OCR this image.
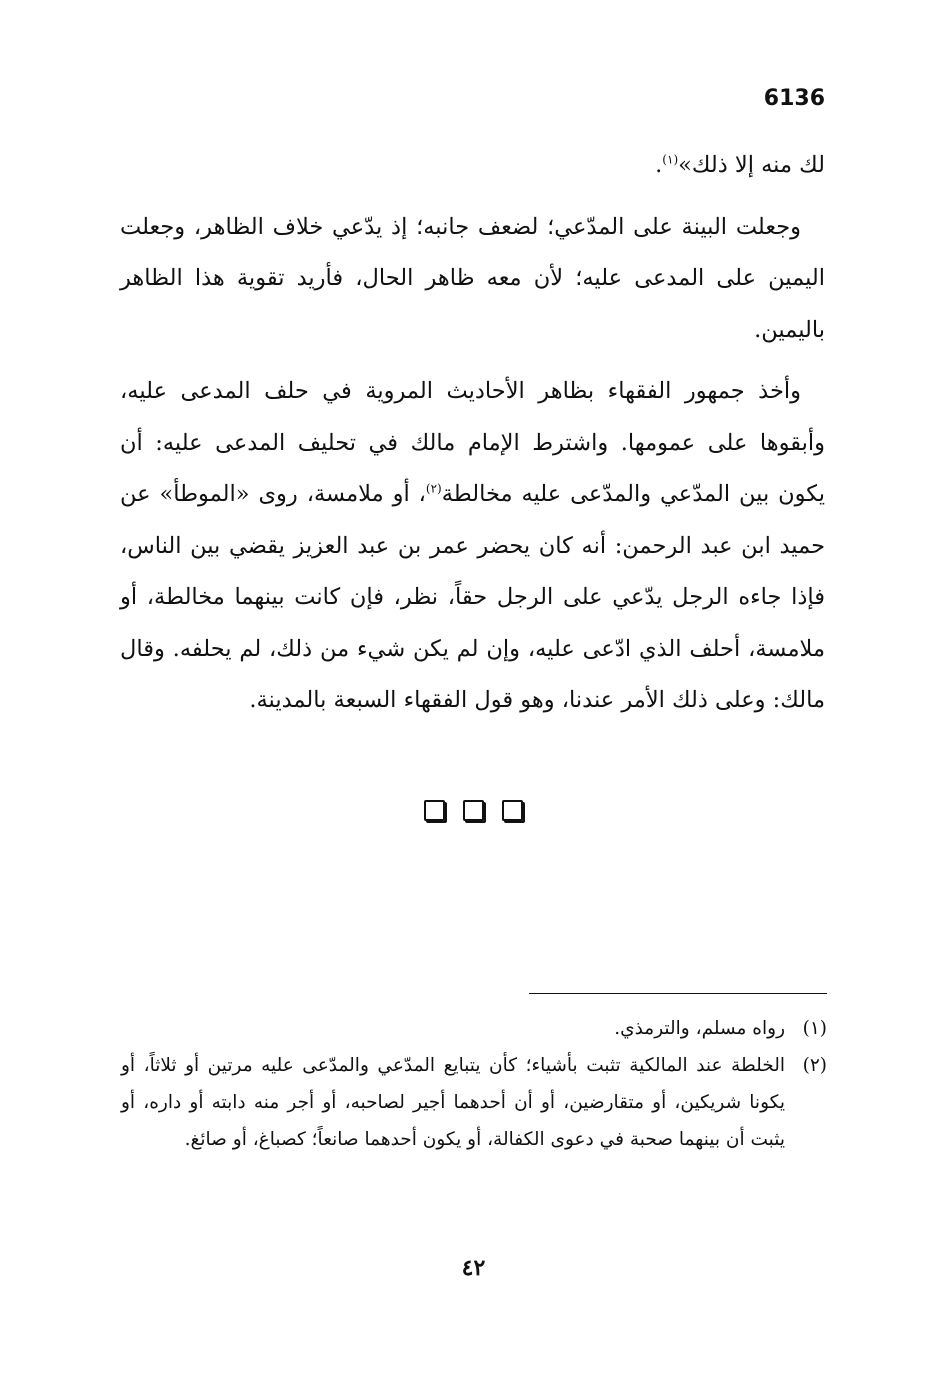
6136

لك منه إلا ذلك»$^{(١)}$.

وجعلت البينة على المدّعي؛ لضعف جانبه؛ إذ يدّعي خلاف الظاهر، وجعلت اليمين على المدعى عليه؛ لأن معه ظاهر الحال، فأريد تقوية هذا الظاهر باليمين.

وأخذ جمهور الفقهاء بظاهر الأحاديث المروية في حلف المدعى عليه، وأبقوها على عمومها. واشترط الإمام مالك في تحليف المدعى عليه: أن يكون بين المدّعي والمدّعى عليه مخالطة$^{(٢)}$، أو ملامسة، روى «الموطأ» عن حميد ابن عبد الرحمن: أنه كان يحضر عمر بن عبد العزيز يقضي بين الناس، فإذا جاءه الرجل يدّعي على الرجل حقاً، نظر، فإن كانت بينهما مخالطة، أو ملامسة، أحلف الذي ادّعى عليه، وإن لم يكن شيء من ذلك، لم يحلفه. وقال مالك: وعلى ذلك الأمر عندنا، وهو قول الفقهاء السبعة بالمدينة.

(١)
رواه مسلم، والترمذي.
(٢)
الخلطة عند المالكية تثبت بأشياء؛ كأن يتبايع المدّعي والمدّعى عليه مرتين أو ثلاثاً، أو يكونا شريكين، أو متقارضين، أو أن أحدهما أجير لصاحبه، أو أجر منه دابته أو داره، أو يثبت أن بينهما صحبة في دعوى الكفالة، أو يكون أحدهما صانعاً؛ كصباغ، أو صائغ.
٤٢
